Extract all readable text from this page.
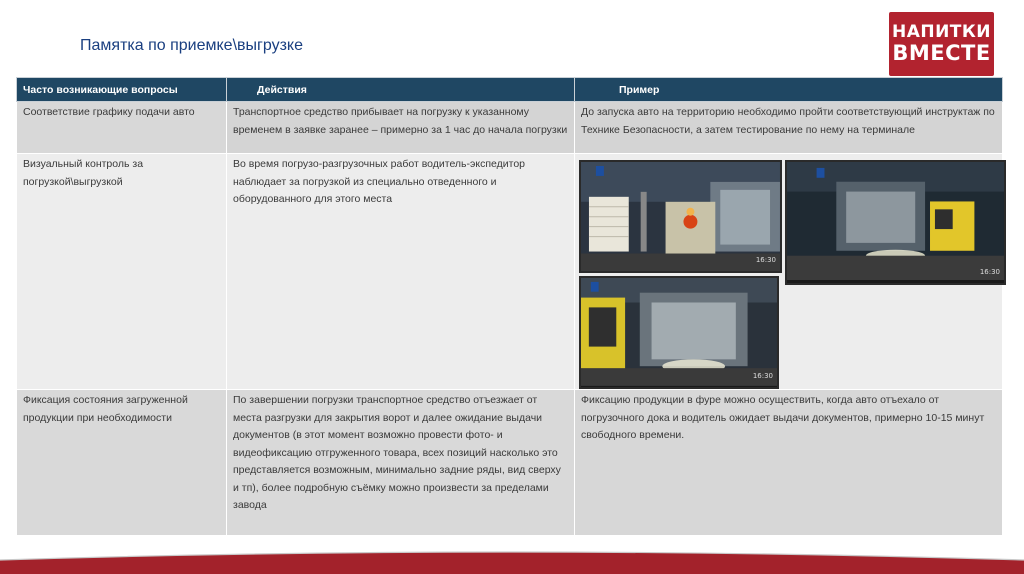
Памятка по приемке\выгрузке
НАПИТКИ
ВМЕСТЕ
Часто возникающие вопросы	Действия	Пример
Соответствие графику подачи авто	Транспортное средство прибывает на погрузку к указанному временем в заявке заранее – примерно за 1 час до начала погрузки	До запуска авто на территорию необходимо пройти соответствующий инструктаж по Технике Безопасности, а затем тестирование по нему на терминале
Визуальный контроль за погрузкой\выгрузкой	Во время погрузо-разгрузочных работ водитель-экспедитор наблюдает за погрузкой из специально отведенного и оборудованного для этого места	16:30
16:30
16:30

Фиксация состояния загруженной продукции при необходимости	По завершении погрузки транспортное средство отъезжает от места разгрузки для закрытия ворот и далее ожидание выдачи документов (в этот момент возможно провести фото- и видеофиксацию отгруженного товара, всех позиций насколько это представляется возможным, минимально задние ряды, вид сверху и тп), более подробную съёмку можно произвести за пределами завода	Фиксацию продукции в фуре можно осуществить, когда авто отъехало от погрузочного дока и водитель ожидает выдачи документов, примерно 10-15 минут свободного времени.
